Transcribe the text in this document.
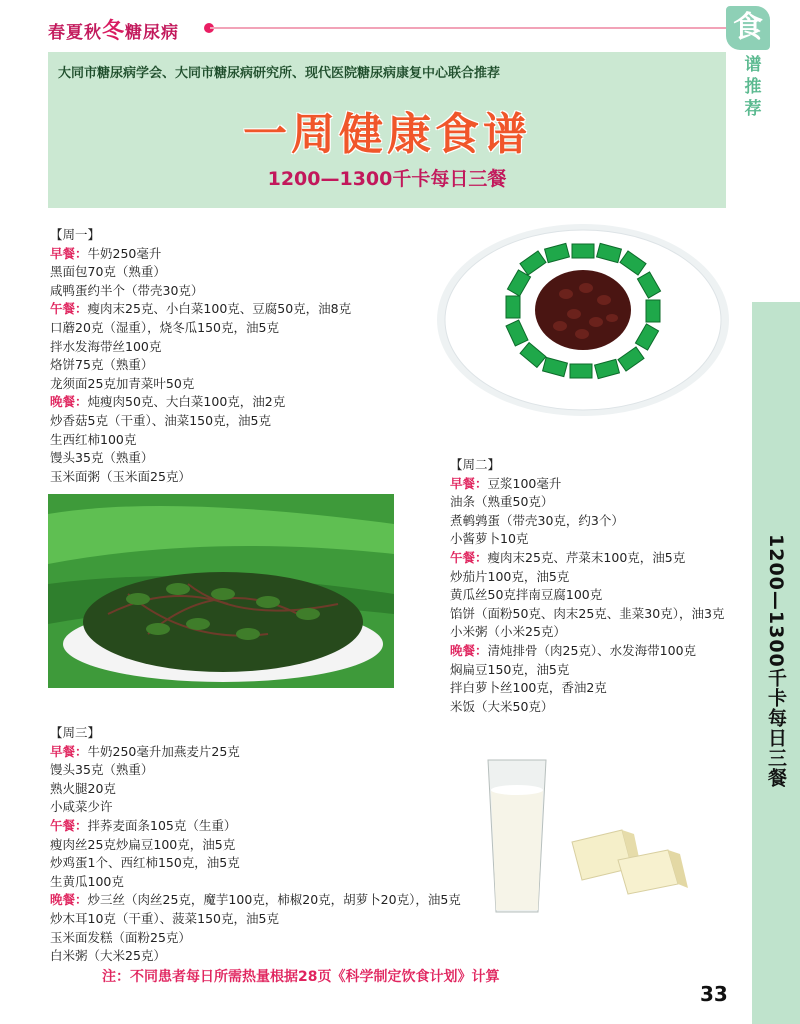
春夏秋冬糖尿病	食
谱推荐
大同市糖尿病学会、大同市糖尿病研究所、现代医院糖尿病康复中心联合推荐
一周健康食谱
1200—1300千卡每日三餐
1200—1300千卡每日三餐
【周一】
早餐：牛奶250毫升
黑面包70克（熟重）
咸鸭蛋约半个（带壳30克）
午餐：瘦肉末25克、小白菜100克、豆腐50克，油8克
口蘑20克（湿重），烧冬瓜150克，油5克
拌水发海带丝100克
烙饼75克（熟重）
龙须面25克加青菜叶50克
晚餐：炖瘦肉50克、大白菜100克，油2克
炒香菇5克（干重）、油菜150克，油5克
生西红柿100克
馒头35克（熟重）
玉米面粥（玉米面25克）
【周二】
早餐：豆浆100毫升
油条（熟重50克）
煮鹌鹑蛋（带壳30克，约3个）
小酱萝卜10克
午餐：瘦肉末25克、芹菜末100克，油5克
炒茄片100克，油5克
黄瓜丝50克拌南豆腐100克
馅饼（面粉50克、肉末25克、韭菜30克），油3克
小米粥（小米25克）
晚餐：清炖排骨（肉25克）、水发海带100克
焖扁豆150克，油5克
拌白萝卜丝100克，香油2克
米饭（大米50克）
【周三】
早餐：牛奶250毫升加燕麦片25克
馒头35克（熟重）
熟火腿20克
小咸菜少许
午餐：拌荞麦面条105克（生重）
瘦肉丝25克炒扁豆100克，油5克
炒鸡蛋1个、西红柿150克，油5克
生黄瓜100克
晚餐：炒三丝（肉丝25克，魔芋100克，柿椒20克，胡萝卜20克），油5克
炒木耳10克（干重）、菠菜150克，油5克
玉米面发糕（面粉25克）
白米粥（大米25克）
注：不同患者每日所需热量根据28页《科学制定饮食计划》计算
33
